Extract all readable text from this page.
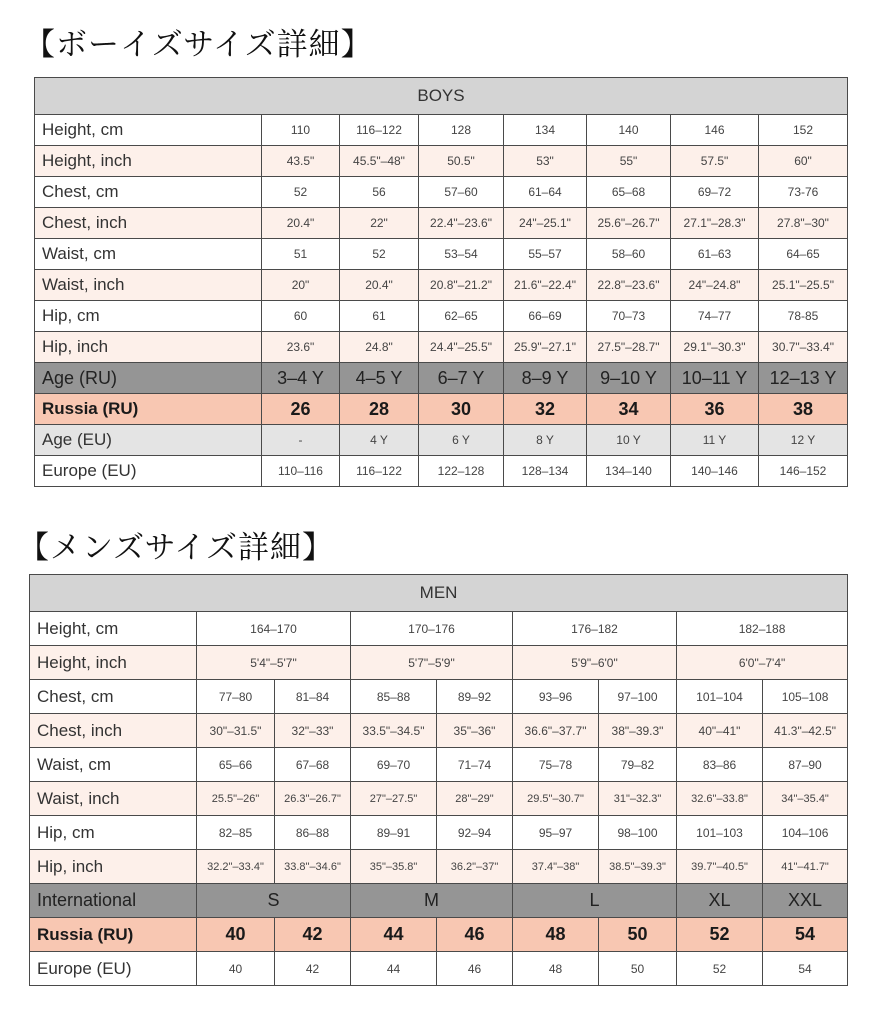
【ボーイズサイズ詳細】
BOYS							
Height, cm	110	116–122	128	134	140	146	152
Height, inch	43.5"	45.5"–48"	50.5"	53"	55"	57.5"	60"
Chest, cm	52	56	57–60	61–64	65–68	69–72	73-76
Chest, inch	20.4"	22"	22.4"–23.6"	24"–25.1"	25.6"–26.7"	27.1"–28.3"	27.8"–30"
Waist, cm	51	52	53–54	55–57	58–60	61–63	64–65
Waist, inch	20"	20.4"	20.8"–21.2"	21.6"–22.4"	22.8"–23.6"	24"–24.8"	25.1"–25.5"
Hip, cm	60	61	62–65	66–69	70–73	74–77	78-85
Hip, inch	23.6"	24.8"	24.4"–25.5"	25.9"–27.1"	27.5"–28.7"	29.1"–30.3"	30.7"–33.4"
Age (RU)	3–4 Y	4–5 Y	6–7 Y	8–9 Y	9–10 Y	10–11 Y	12–13 Y
Russia (RU)	26	28	30	32	34	36	38
Age (EU)	-	4 Y	6 Y	8 Y	10 Y	11 Y	12 Y
Europe (EU)	110–116	116–122	122–128	128–134	134–140	140–146	146–152
【メンズサイズ詳細】
MEN								
Height, cm	164–170		170–176		176–182		182–188	
Height, inch	5'4"–5'7"		5'7"–5'9"		5'9"–6'0"		6'0"–7'4"	
Chest, cm	77–80	81–84	85–88	89–92	93–96	97–100	101–104	105–108
Chest, inch	30"–31.5"	32"–33"	33.5"–34.5"	35"–36"	36.6"–37.7"	38"–39.3"	40"–41"	41.3"–42.5"
Waist, cm	65–66	67–68	69–70	71–74	75–78	79–82	83–86	87–90
Waist, inch	25.5"–26"	26.3"–26.7"	27"–27.5"	28"–29"	29.5"–30.7"	31"–32.3"	32.6"–33.8"	34"–35.4"
Hip, cm	82–85	86–88	89–91	92–94	95–97	98–100	101–103	104–106
Hip, inch	32.2"–33.4"	33.8"–34.6"	35"–35.8"	36.2"–37"	37.4"–38"	38.5"–39.3"	39.7"–40.5"	41"–41.7"
International	S		M		L		XL	XXL
Russia (RU)	40	42	44	46	48	50	52	54
Europe (EU)	40	42	44	46	48	50	52	54
